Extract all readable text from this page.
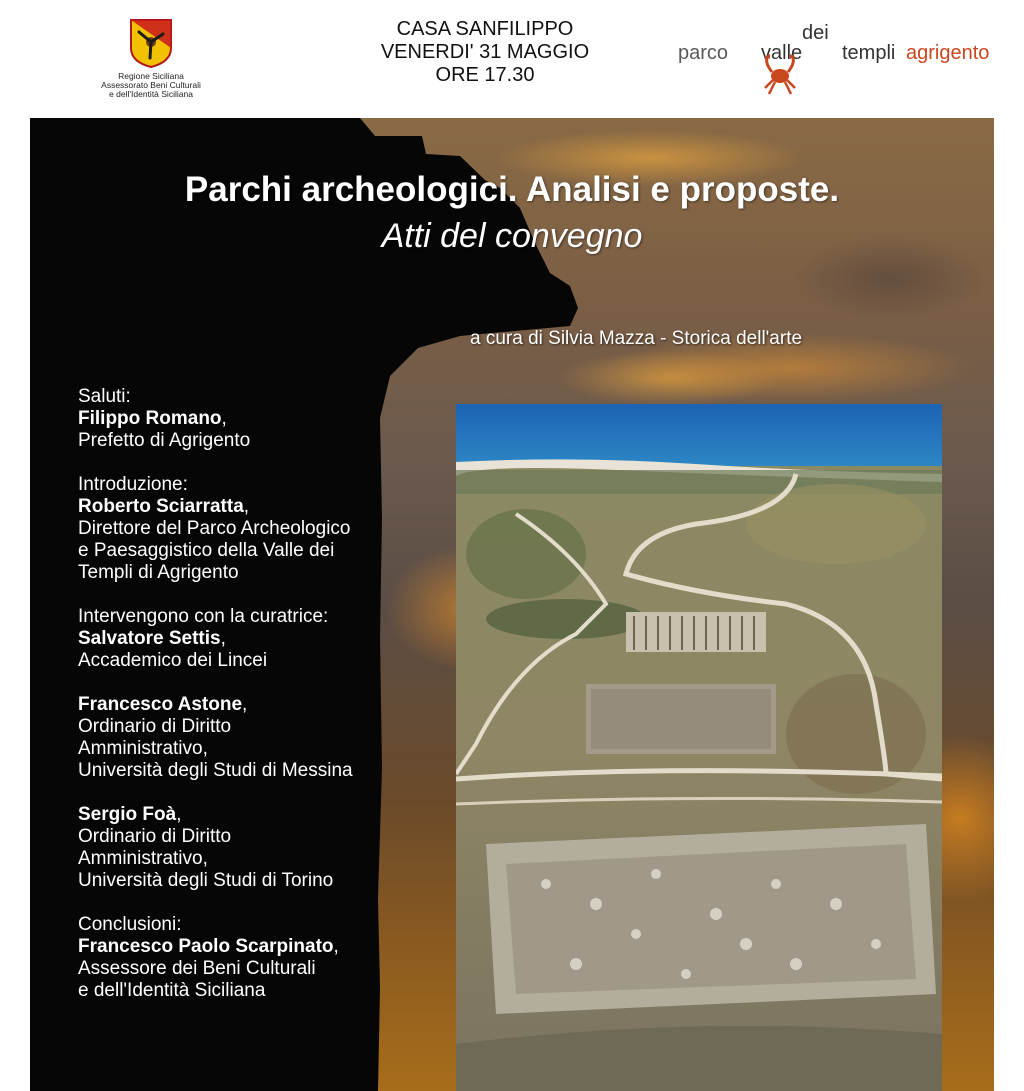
Regione Siciliana
Assessorato Beni Culturali
e dell'Identità Siciliana
CASA SANFILIPPO
VENERDI' 31 MAGGIO
ORE 17.30
parco valle
dei
templi agrigento
Parchi archeologici. Analisi e proposte.
Atti del convegno
a cura di Silvia Mazza - Storica dell'arte
Saluti:
Filippo Romano,
Prefetto di Agrigento
Introduzione:
Roberto Sciarratta,
Direttore del Parco Archeologico
e Paesaggistico della Valle dei
Templi di Agrigento
Intervengono con la curatrice:
Salvatore Settis,
Accademico dei Lincei
Francesco Astone,
Ordinario di Diritto
Amministrativo,
Università degli Studi di Messina
Sergio Foà,
Ordinario di Diritto
Amministrativo,
Università degli Studi di Torino
Conclusioni:
Francesco Paolo Scarpinato,
Assessore dei Beni Culturali
e dell'Identità Siciliana
